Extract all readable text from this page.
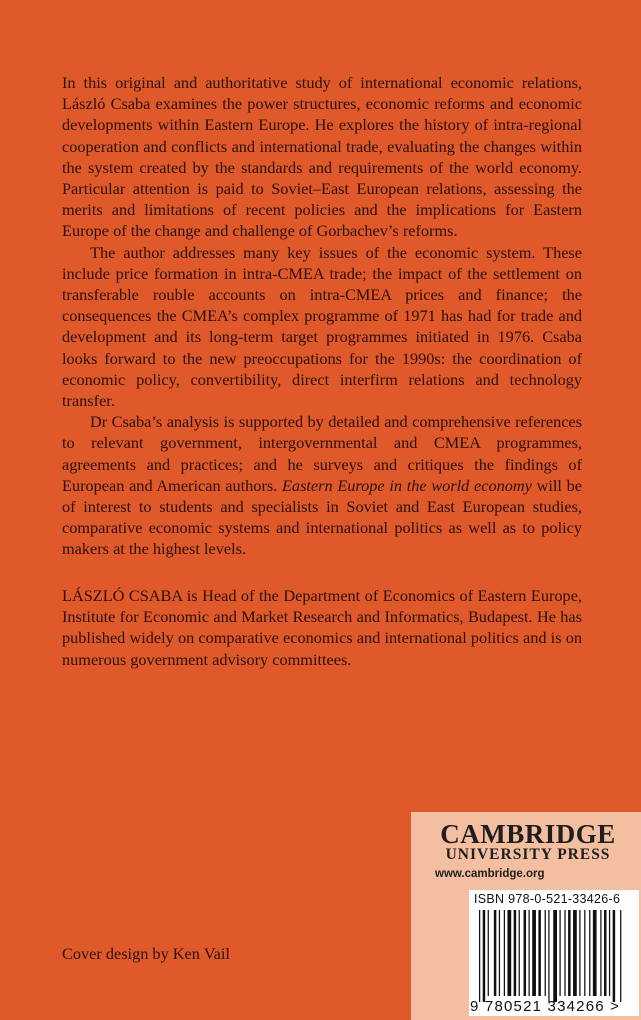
In this original and authoritative study of international economic relations, László Csaba examines the power structures, economic reforms and economic developments within Eastern Europe. He explores the history of intra-regional cooperation and conflicts and international trade, evaluating the changes within the system created by the standards and requirements of the world economy. Particular attention is paid to Soviet–East European relations, assessing the merits and limitations of recent policies and the implications for Eastern Europe of the change and challenge of Gorbachev’s reforms.

The author addresses many key issues of the economic system. These include price formation in intra-CMEA trade; the impact of the settlement on transferable rouble accounts on intra-CMEA prices and finance; the consequences the CMEA’s complex programme of 1971 has had for trade and development and its long-term target programmes initiated in 1976. Csaba looks forward to the new preoccupations for the 1990s: the coordination of economic policy, convertibility, direct interfirm relations and technology transfer.

Dr Csaba’s analysis is supported by detailed and comprehensive references to relevant government, intergovernmental and CMEA programmes, agreements and practices; and he surveys and critiques the findings of European and American authors. Eastern Europe in the world economy will be of interest to students and specialists in Soviet and East European studies, comparative economic systems and international politics as well as to policy makers at the highest levels.

LÁSZLÓ CSABA is Head of the Department of Economics of Eastern Europe, Institute for Economic and Market Research and Informatics, Budapest. He has published widely on comparative economics and international politics and is on numerous government advisory committees.

Cover design by Ken Vail

CAMBRIDGE
UNIVERSITY PRESS
www.cambridge.org
ISBN 978-0-521-33426-6
9 780521 334266 >
